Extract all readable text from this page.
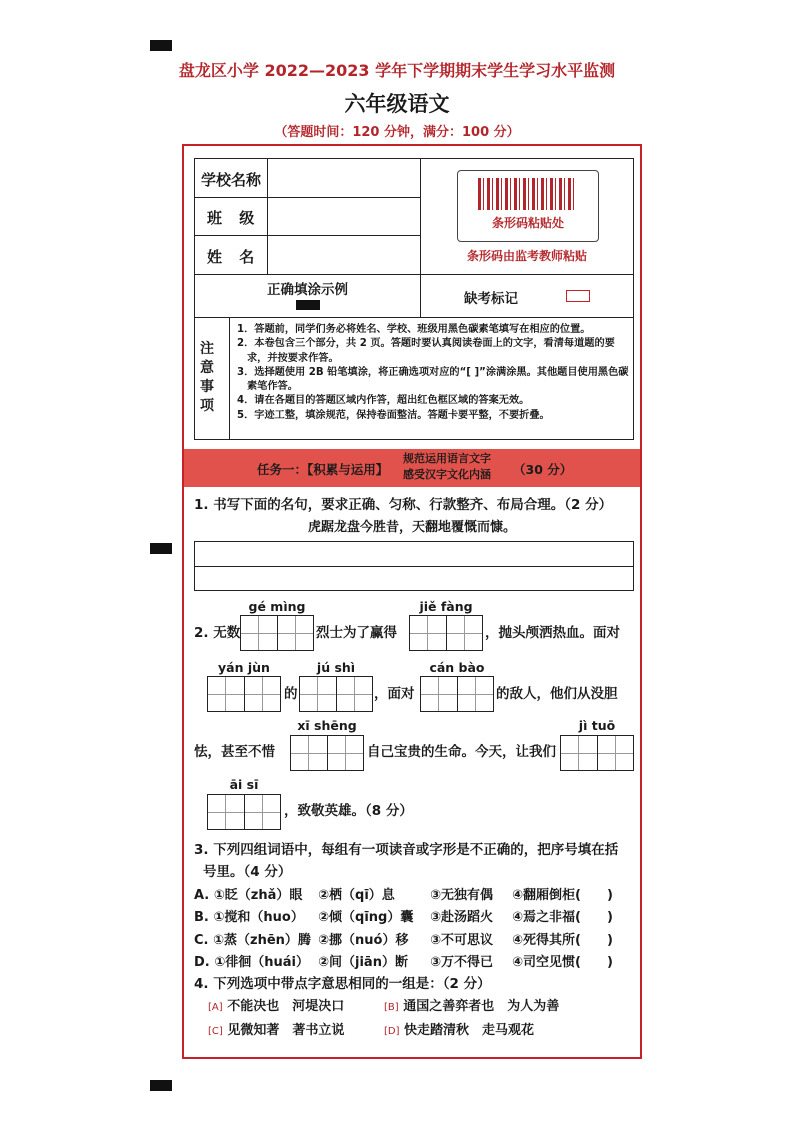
盘龙区小学 2022—2023 学年下学期期末学生学习水平监测
六年级语文
（答题时间：120 分钟，满分：100 分）
学校名称
班 级
姓 名
条形码粘贴处
条形码由监考教师粘贴
正确填涂示例
缺考标记
注意事项
1．答题前，同学们务必将姓名、学校、班级用黑色碳素笔填写在相应的位置。
2．本卷包含三个部分，共 2 页。答题时要认真阅读卷面上的文字，看清每道题的要求，并按要求作答。
3．选择题使用 2B 铅笔填涂，将正确选项对应的“[ ]”涂满涂黑。其他题目使用黑色碳素笔作答。
4．请在各题目的答题区域内作答，超出红色框区域的答案无效。
5．字迹工整，填涂规范，保持卷面整洁。答题卡要平整，不要折叠。
任务一：【积累与运用】
规范运用语言文字
感受汉字文化内涵 （30 分）
1. 书写下面的名句，要求正确、匀称、行款整齐、布局合理。（2 分）
虎踞龙盘今胜昔，天翻地覆慨而慷。
2. 无数
gé mìng
烈士为了赢得
jiě fàng
，抛头颅洒热血。面对
yán jùn
的
jú shì
，面对
cán bào
的敌人，他们从没胆
怯，甚至不惜
xī shēng
自己宝贵的生命。今天，让我们
jì tuō
āi sī
，致敬英雄。（8 分）
3. 下列四组词语中，每组有一项读音或字形是不正确的，把序号填在括
号里。（4 分）
A. ①眨（zhǎ）眼 ②栖（qī）息	③无独有偶 ④翻厢倒柜(　　)
B. ①搅和（huo） ②倾（qīng）囊 ③赴汤蹈火 ④焉之非福(　　)
C. ①蒸（zhēn）腾 ②挪（nuó）移 ③不可思议 ④死得其所(　　)
D. ①徘徊（huái） ②间（jiān）断 ③万不得已 ④司空见惯(　　)
4. 下列选项中带点字意思相同的一组是：（2 分）
[A] 不能决也　河堤决口	[B] 通国之善弈者也　为人为善
[C] 见微知著　著书立说	[D] 快走踏清秋　走马观花
